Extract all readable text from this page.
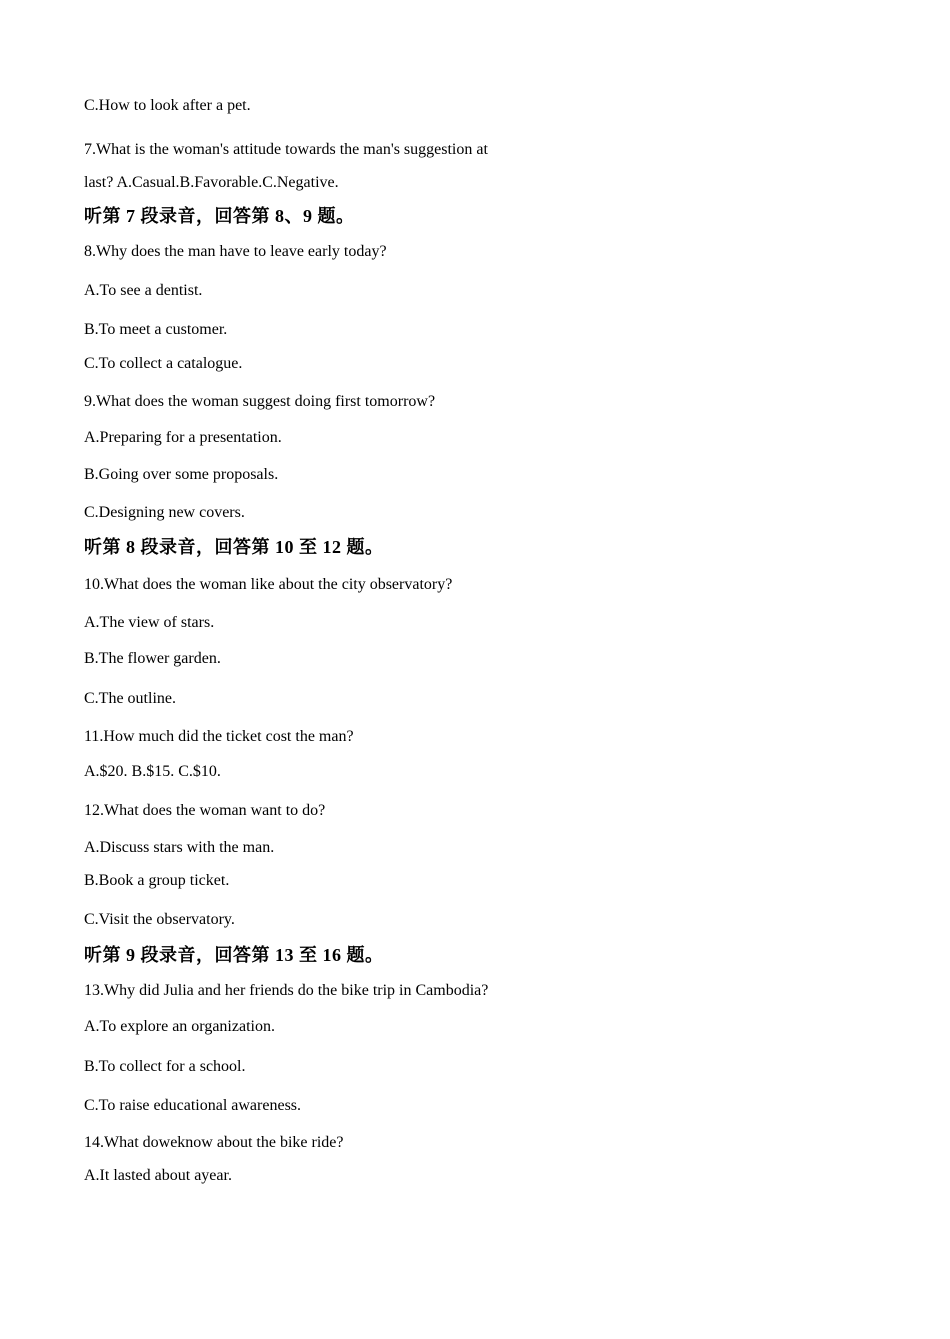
C.How to look after a pet.
7.What is the woman's attitude towards the man's suggestion at
last? A.Casual.B.Favorable.C.Negative.
听第 7 段录音，回答第 8、9 题。
8.Why does the man have to leave early today?
A.To see a dentist.
B.To meet a customer.
C.To collect a catalogue.
9.What does the woman suggest doing first tomorrow?
A.Preparing for a presentation.
B.Going over some proposals.
C.Designing new covers.
听第 8 段录音，回答第 10 至 12 题。
10.What does the woman like about the city observatory?
A.The view of stars.
B.The flower garden.
C.The outline.
11.How much did the ticket cost the man?
A.$20. B.$15. C.$10.
12.What does the woman want to do?
A.Discuss stars with the man.
B.Book a group ticket.
C.Visit the observatory.
听第 9 段录音，回答第 13 至 16 题。
13.Why did Julia and her friends do the bike trip in Cambodia?
A.To explore an organization.
B.To collect for a school.
C.To raise educational awareness.
14.What doweknow about the bike ride?
A.It lasted about ayear.
